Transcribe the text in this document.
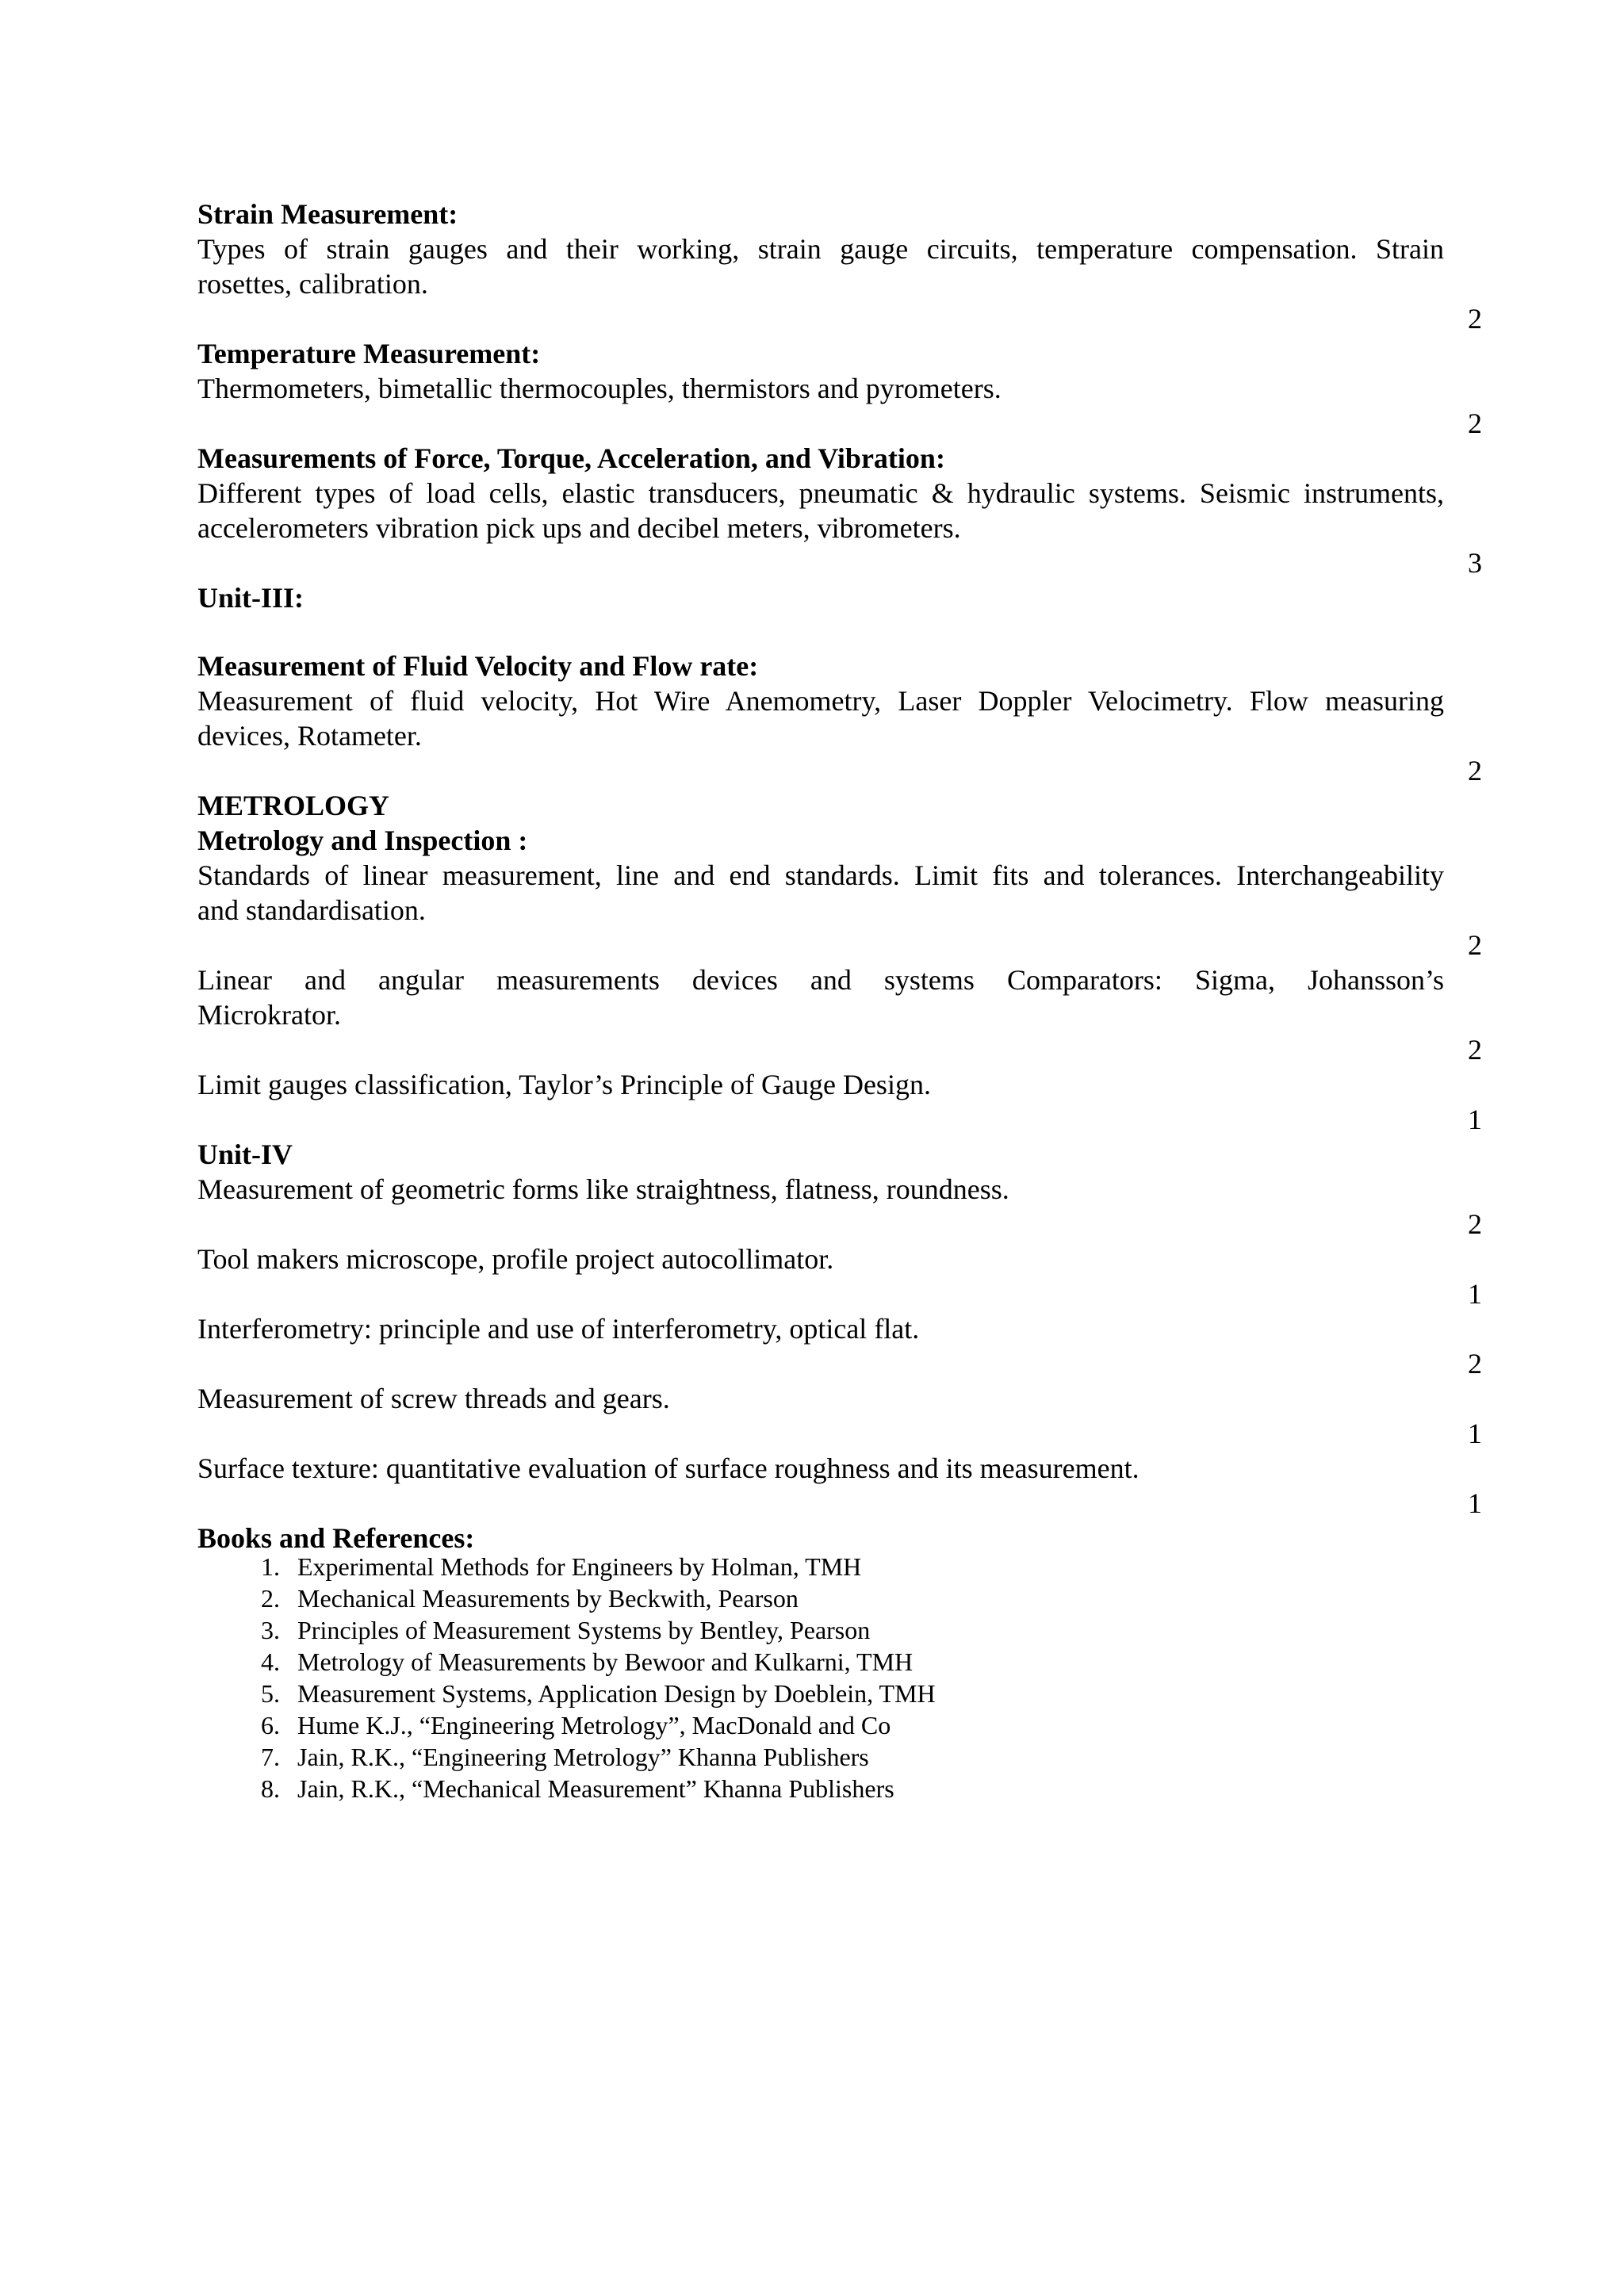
Strain Measurement:
Types of strain gauges and their working, strain gauge circuits, temperature compensation. Strain
rosettes, calibration.
2
Temperature Measurement:
Thermometers, bimetallic thermocouples, thermistors and pyrometers.
2
Measurements of Force, Torque, Acceleration, and Vibration:
Different types of load cells, elastic transducers, pneumatic & hydraulic systems. Seismic instruments,
accelerometers vibration pick ups and decibel meters, vibrometers.
3
Unit-III:
Measurement of Fluid Velocity and Flow rate:
Measurement of fluid velocity, Hot Wire Anemometry, Laser Doppler Velocimetry. Flow measuring
devices, Rotameter.
2
METROLOGY
Metrology and Inspection :
Standards of linear measurement, line and end standards. Limit fits and tolerances. Interchangeability
and standardisation.
2
Linear and angular measurements devices and systems Comparators: Sigma, Johansson’s
Microkrator.
2
Limit gauges classification, Taylor’s Principle of Gauge Design.
1
Unit-IV
Measurement of geometric forms like straightness, flatness, roundness.
2
Tool makers microscope, profile project autocollimator.
1
Interferometry: principle and use of interferometry, optical flat.
2
Measurement of screw threads and gears.
1
Surface texture: quantitative evaluation of surface roughness and its measurement.
1
Books and References:
1. Experimental Methods for Engineers by Holman, TMH
2. Mechanical Measurements by Beckwith, Pearson
3. Principles of Measurement Systems by Bentley, Pearson
4. Metrology of Measurements by Bewoor and Kulkarni, TMH
5. Measurement Systems, Application Design by Doeblein, TMH
6. Hume K.J., “Engineering Metrology”, MacDonald and Co
7. Jain, R.K., “Engineering Metrology” Khanna Publishers
8. Jain, R.K., “Mechanical Measurement” Khanna Publishers
